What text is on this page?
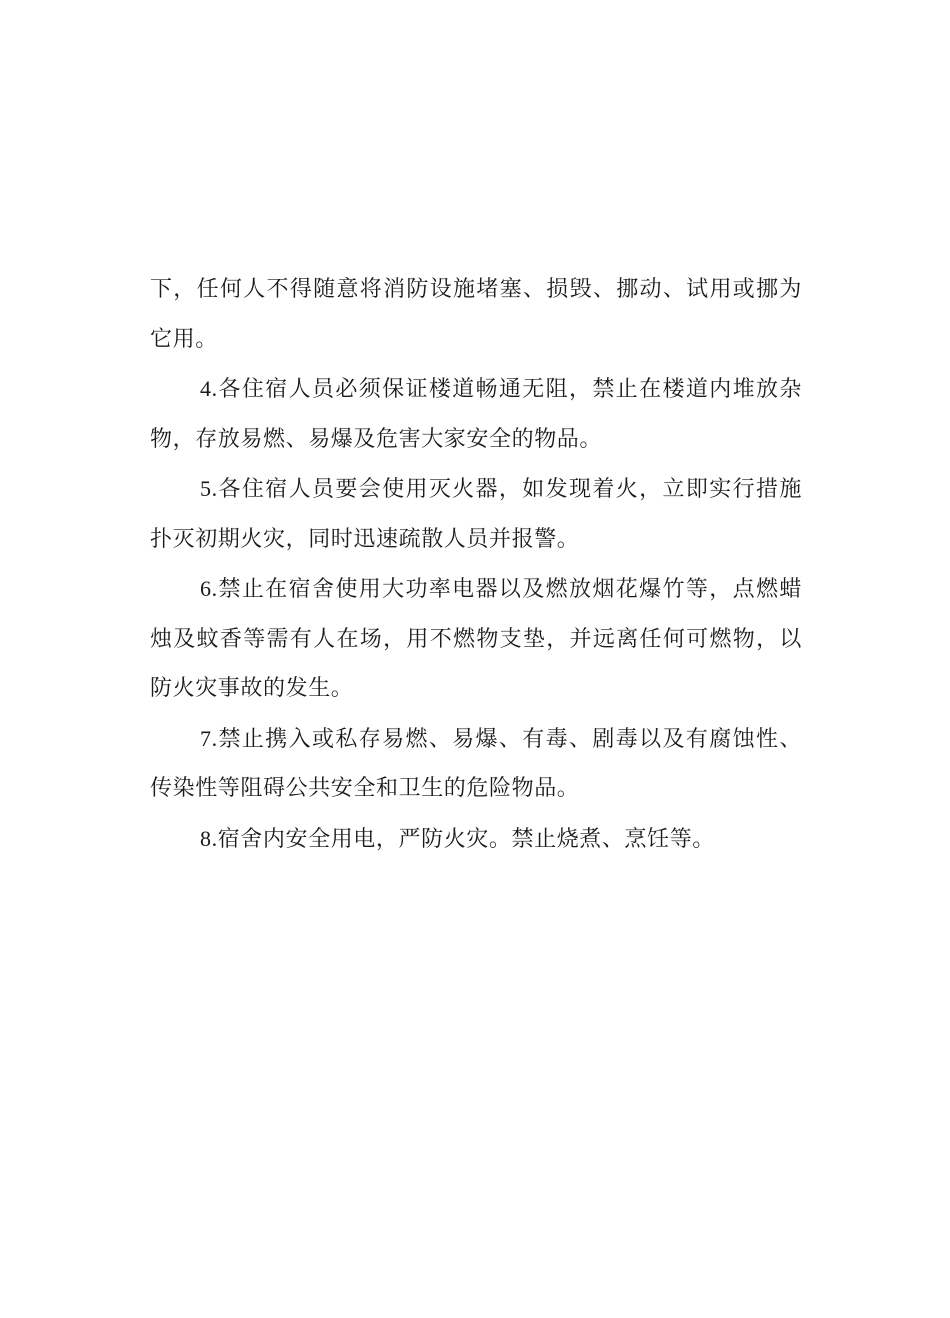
下，任何人不得随意将消防设施堵塞、损毁、挪动、试用或挪为它用。

4.各住宿人员必须保证楼道畅通无阻，禁止在楼道内堆放杂物，存放易燃、易爆及危害大家安全的物品。

5.各住宿人员要会使用灭火器，如发现着火，立即实行措施扑灭初期火灾，同时迅速疏散人员并报警。

6.禁止在宿舍使用大功率电器以及燃放烟花爆竹等，点燃蜡烛及蚊香等需有人在场，用不燃物支垫，并远离任何可燃物，以防火灾事故的发生。

7.禁止携入或私存易燃、易爆、有毒、剧毒以及有腐蚀性、传染性等阻碍公共安全和卫生的危险物品。

8.宿舍内安全用电，严防火灾。禁止烧煮、烹饪等。
